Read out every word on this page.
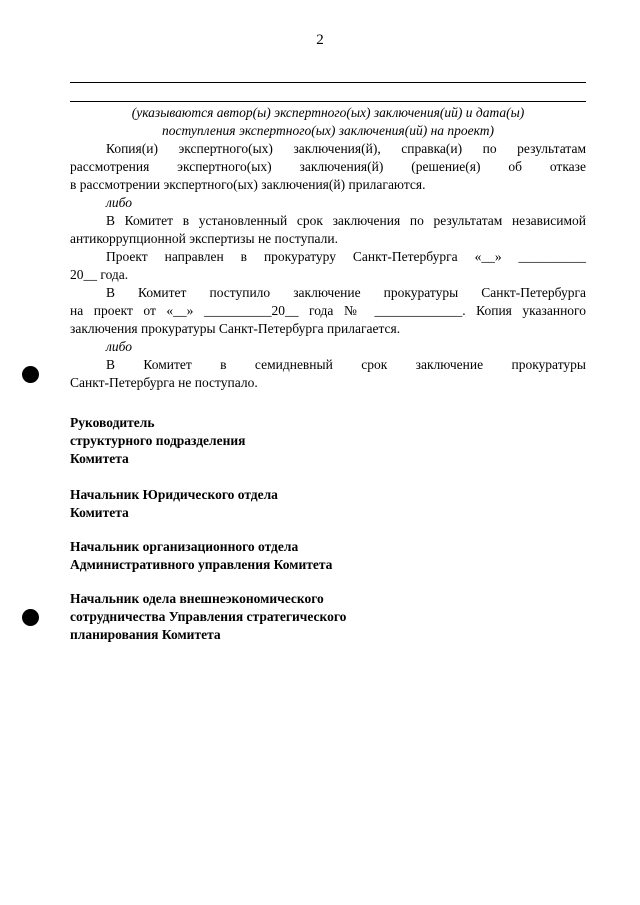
2
(указываются автор(ы) экспертного(ых) заключения(ий) и дата(ы)
поступления экспертного(ых) заключения(ий) на проект)
Копия(и) экспертного(ых) заключения(й), справка(и) по результатам
рассмотрения экспертного(ых) заключения(й) (решение(я) об отказе
в рассмотрении экспертного(ых) заключения(й) прилагаются.
либо
В Комитет в установленный срок заключения по результатам независимой
антикоррупционной экспертизы не поступали.
Проект направлен в прокуратуру Санкт-Петербурга «__» __________
20__ года.
В Комитет поступило заключение прокуратуры Санкт-Петербурга
на проект от «__» __________20__ года № _____________. Копия указанного
заключения прокуратуры Санкт-Петербурга прилагается.
либо
В Комитет в семидневный срок заключение прокуратуры
Санкт-Петербурга не поступало.
Руководитель
структурного подразделения
Комитета
Начальник Юридического отдела
Комитета
Начальник организационного отдела
Административного управления Комитета
Начальник одела внешнеэкономического
сотрудничества Управления стратегического
планирования Комитета
